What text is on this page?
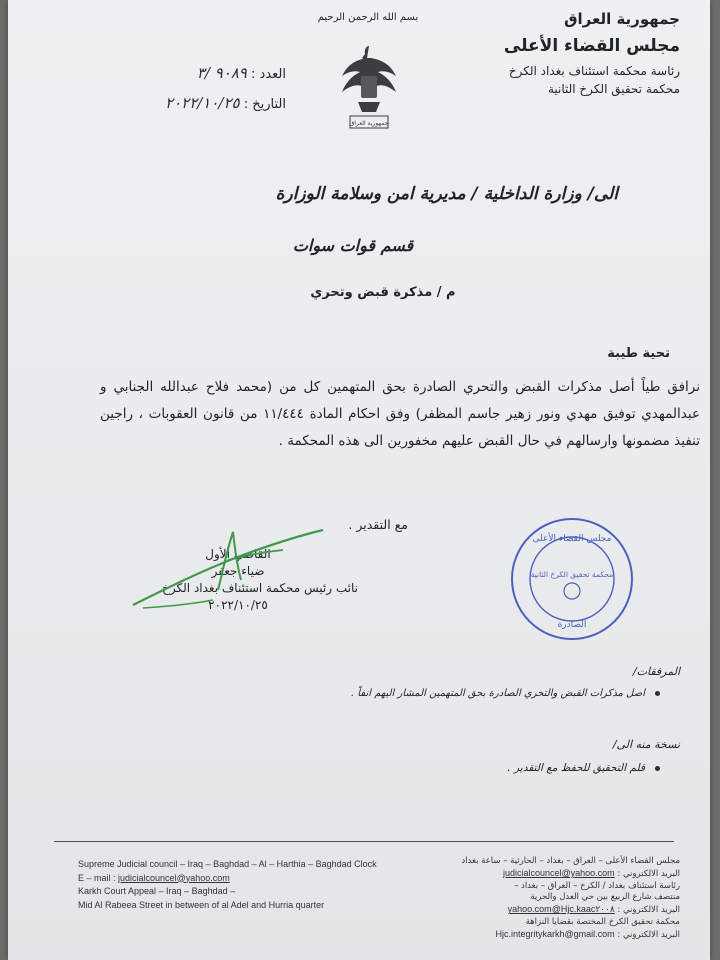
بسم الله الرحمن الرحيم	جمهورية العراق
مجلس القضاء الأعلى
رئاسة محكمة استئناف بغداد الكرخ
محكمة تحقيق الكرخ الثانية
جمهورية العراق
العدد : ٩٠٨٩ /٣
التاريخ : ٢٠٢٢/١٠/٢٥
الى/ وزارة الداخلية / مديرية امن وسلامة الوزارة
قسم قوات سوات
م / مذكرة قبض وتحري
تحية طيبة
نرافق طياً أصل مذكرات القبض والتحري الصادرة بحق المتهمين كل من (محمد فلاح عبدالله الجنابي و عبدالمهدي توفيق مهدي ونور زهير جاسم المظفر) وفق احكام المادة ١١/٤٤٤ من قانون العقوبات ، راجين تنفيذ مضمونها وارسالهم في حال القبض عليهم مخفورين الى هذه المحكمة .
مع التقدير .
القاضي الأول
ضياء جعفر
نائب رئيس محكمة استئناف بغداد الكرخ
٢٠٢٢/١٠/٢٥
مجلس القضاء الأعلى
محكمة تحقيق الكرخ الثانية
الصادرة
المرفقات/
اصل مذكرات القبض والتحري الصادرة بحق المتهمين المشار اليهم انفاً .
نسخة منه الى/
قلم التحقيق للحفظ مع التقدير .
Supreme Judicial council – Iraq – Baghdad – Al – Harthia – Baghdad Clock
E – mail : judicialcouncel@yahoo.com
Karkh Court Appeal – Iraq – Baghdad –
Mid Al Rabeea Street in between of al Adel and Hurria quarter
مجلس القضاء الأعلى – العراق – بغداد – الحارثية – ساعة بغداد
البريد الالكتروني : judicialcouncel@yahoo.com
رئاسة استئناف بغداد / الكرخ – العراق – بغداد –
منتصف شارع الربيع بين حي العدل والحرية
البريد الالكتروني : Hjc.kaac٢٠٠٨@yahoo.com
محكمة تحقيق الكرخ المختصة بقضايا النزاهة
البريد الالكتروني : Hjc.integritykarkh@gmail.com
